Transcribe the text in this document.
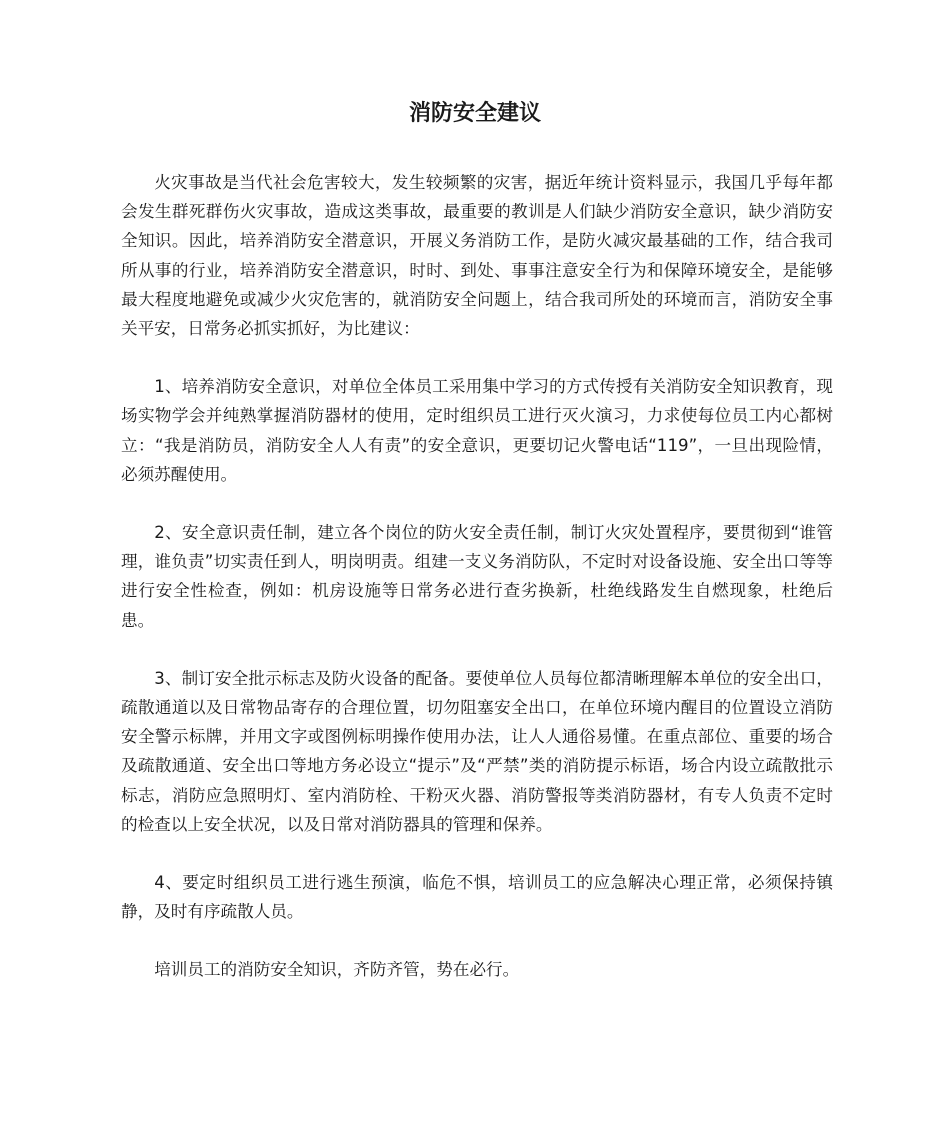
消防安全建议

火灾事故是当代社会危害较大，发生较频繁的灾害，据近年统计资料显示，我国几乎每年都会发生群死群伤火灾事故，造成这类事故，最重要的教训是人们缺少消防安全意识，缺少消防安全知识。因此，培养消防安全潜意识，开展义务消防工作，是防火减灾最基础的工作，结合我司所从事的行业，培养消防安全潜意识，时时、到处、事事注意安全行为和保障环境安全，是能够最大程度地避免或减少火灾危害的，就消防安全问题上，结合我司所处的环境而言，消防安全事关平安，日常务必抓实抓好，为比建议：

1、培养消防安全意识，对单位全体员工采用集中学习的方式传授有关消防安全知识教育，现场实物学会并纯熟掌握消防器材的使用，定时组织员工进行灭火演习，力求使每位员工内心都树立：“我是消防员，消防安全人人有责”的安全意识，更要切记火警电话“119”，一旦出现险情，必须苏醒使用。

2、安全意识责任制，建立各个岗位的防火安全责任制，制订火灾处置程序，要贯彻到“谁管理，谁负责”切实责任到人，明岗明责。组建一支义务消防队，不定时对设备设施、安全出口等等进行安全性检查，例如：机房设施等日常务必进行查劣换新，杜绝线路发生自燃现象，杜绝后患。

3、制订安全批示标志及防火设备的配备。要使单位人员每位都清晰理解本单位的安全出口，疏散通道以及日常物品寄存的合理位置，切勿阻塞安全出口，在单位环境内醒目的位置设立消防安全警示标牌，并用文字或图例标明操作使用办法，让人人通俗易懂。在重点部位、重要的场合及疏散通道、安全出口等地方务必设立“提示”及“严禁”类的消防提示标语，场合内设立疏散批示标志，消防应急照明灯、室内消防栓、干粉灭火器、消防警报等类消防器材，有专人负责不定时的检查以上安全状况，以及日常对消防器具的管理和保养。

4、要定时组织员工进行逃生预演，临危不惧，培训员工的应急解决心理正常，必须保持镇静，及时有序疏散人员。

培训员工的消防安全知识，齐防齐管，势在必行。
